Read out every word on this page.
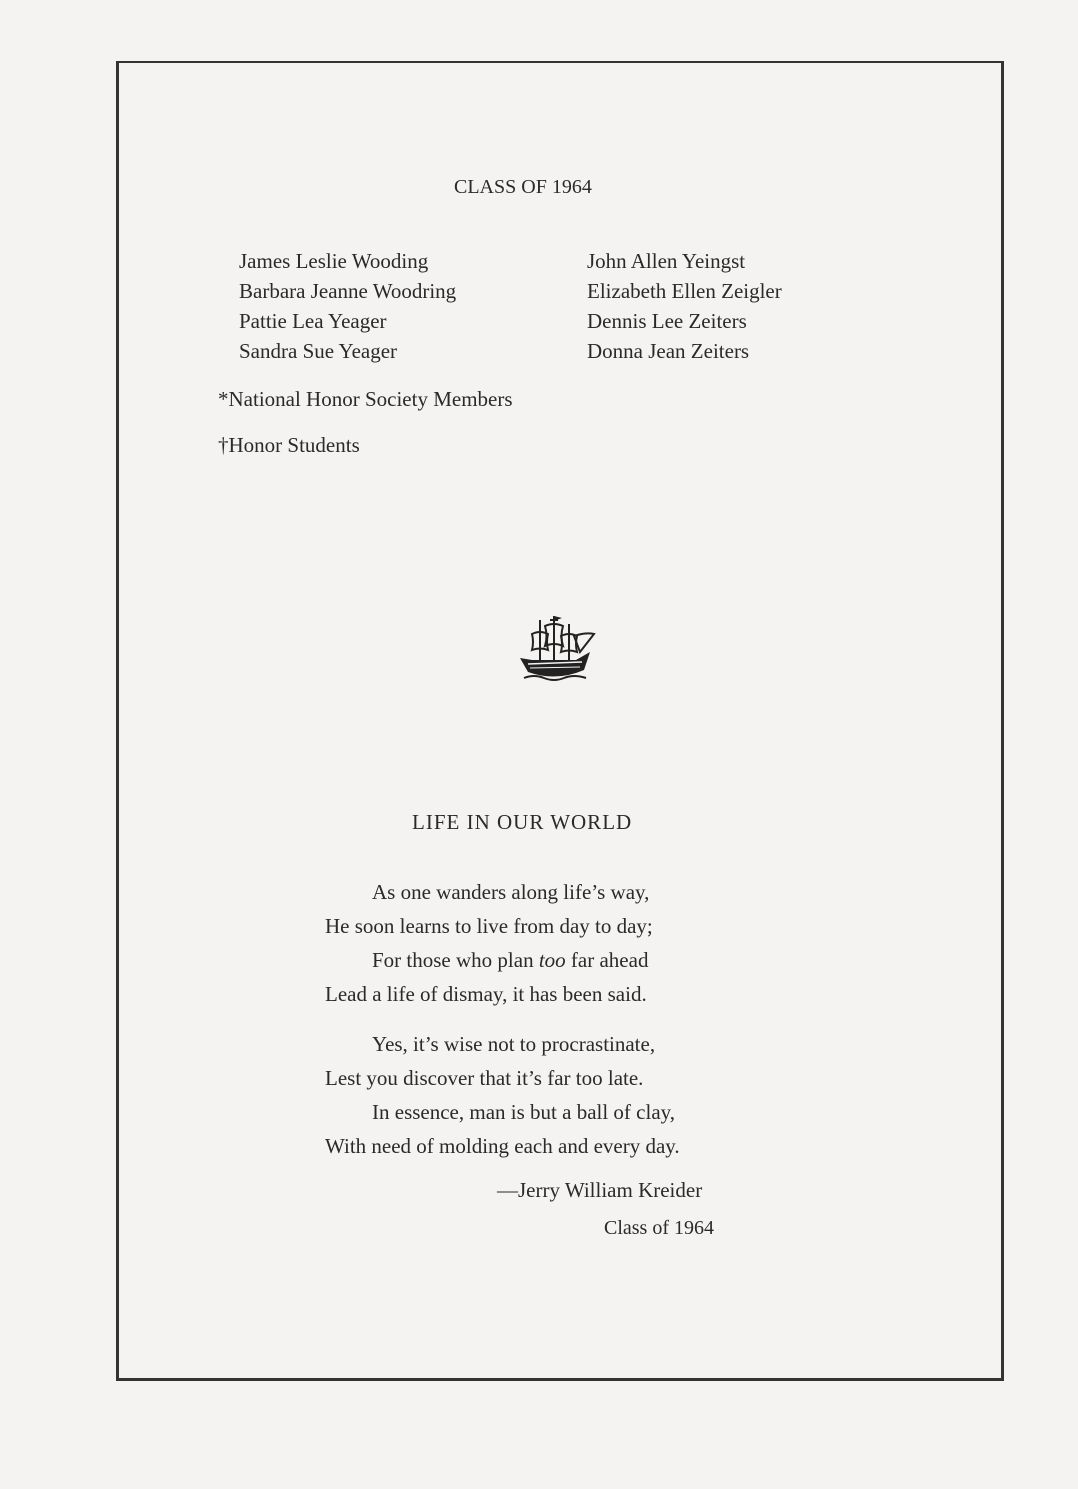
CLASS OF 1964
James Leslie Wooding
Barbara Jeanne Woodring
Pattie Lea Yeager
Sandra Sue Yeager
John Allen Yeingst
Elizabeth Ellen Zeigler
Dennis Lee Zeiters
Donna Jean Zeiters
*National Honor Society Members
†Honor Students
LIFE IN OUR WORLD
As one wanders along life’s way,
He soon learns to live from day to day;
For those who plan too far ahead
Lead a life of dismay, it has been said.
Yes, it’s wise not to procrastinate,
Lest you discover that it’s far too late.
In essence, man is but a ball of clay,
With need of molding each and every day.
—Jerry William Kreider
Class of 1964
